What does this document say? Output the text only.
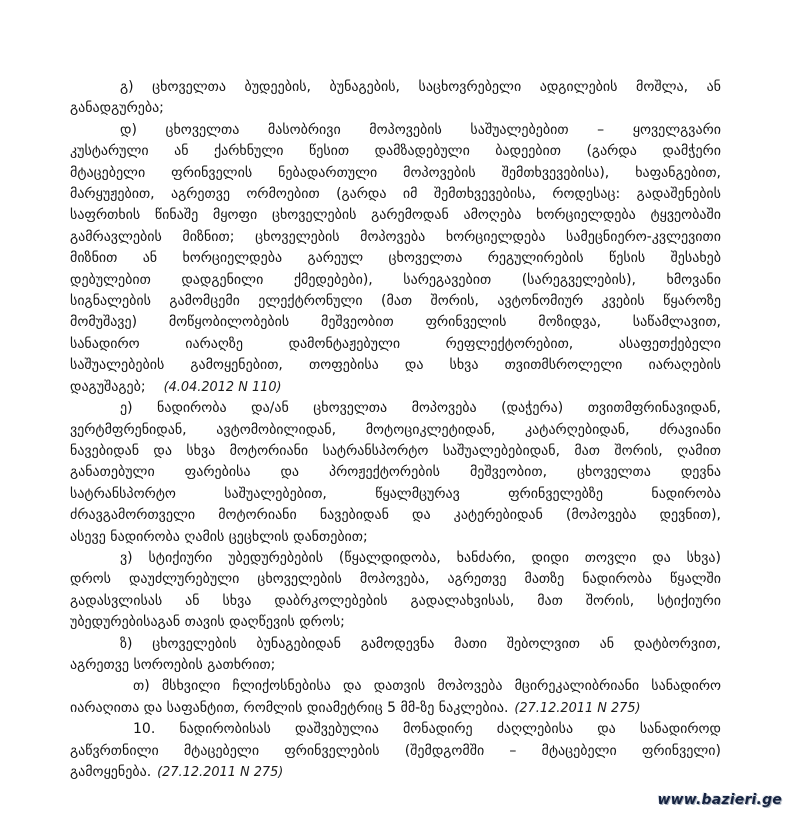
გ) ცხოველთა ბუდეების, ბუნაგების, საცხოვრებელი ადგილების მოშლა, ან
განადგურება;
დ) ცხოველთა მასობრივი მოპოვების საშუალებებით – ყოველგვარი
კუსტარული ან ქარხნული წესით დამზადებული ბადეებით (გარდა დამჭერი
მტაცებელი ფრინველის ნებადართული მოპოვების შემთხვევებისა), ხაფანგებით,
მარყუჟებით, აგრეთვე ორმოებით (გარდა იმ შემთხვევებისა, როდესაც: გადაშენების
საფრთხის წინაშე მყოფი ცხოველების გარემოდან ამოღება ხორციელდება ტყვეობაში
გამრავლების მიზნით; ცხოველების მოპოვება ხორციელდება სამეცნიერო-კვლევითი
მიზნით ან ხორციელდება გარეულ ცხოველთა რეგულირების წესის შესახებ
დებულებით დადგენილი ქმედებები), სარეგავებით (სარეგველების), ხმოვანი
სიგნალების გამომცემი ელექტრონული (მათ შორის, ავტონომიურ კვების წყაროზე
მომუშავე) მოწყობილობების მეშვეობით ფრინველის მოზიდვა, საწამლავით,
სანადირო იარაღზე დამონტაჟებული რეფლექტორებით, ასაფეთქებელი
საშუალებების გამოყენებით, თოფებისა და სხვა თვითმსროლელი იარაღების
დაგუშაგებ; (4.04.2012 N 110)
ე) ნადირობა და/ან ცხოველთა მოპოვება (დაჭერა) თვითმფრინავიდან,
ვერტმფრენიდან, ავტომობილიდან, მოტოციკლეტიდან, კატარღებიდან, ძრავიანი
ნავებიდან და სხვა მოტორიანი სატრანსპორტო საშუალებებიდან, მათ შორის, ღამით
განათებული ფარებისა და პროჟექტორების მეშვეობით, ცხოველთა დევნა
სატრანსპორტო საშუალებებით, წყალმცურავ ფრინველებზე ნადირობა
ძრავგამორთველი მოტორიანი ნავებიდან და კატერებიდან (მოპოვება დევნით),
ასევე ნადირობა ღამის ცეცხლის დანთებით;
ვ) სტიქიური უბედურებების (წყალდიდობა, ხანძარი, დიდი თოვლი და სხვა)
დროს დაუძლურებული ცხოველების მოპოვება, აგრეთვე მათზე ნადირობა წყალში
გადასვლისას ან სხვა დაბრკოლებების გადალახვისას, მათ შორის, სტიქიური
უბედურებისაგან თავის დაღწევის დროს;
ზ) ცხოველების ბუნაგებიდან გამოდევნა მათი შებოლვით ან დატბორვით,
აგრეთვე სოროების გათხრით;
თ) მსხვილი ჩლიქოსნებისა და დათვის მოპოვება მცირეკალიბრიანი სანადირო
იარაღითა და საფანტით, რომლის დიამეტრიც 5 მმ-ზე ნაკლებია. (27.12.2011 N 275)
10. ნადირობისას დაშვებულია მონადირე ძაღლებისა და სანადიროდ
გაწვრთნილი მტაცებელი ფრინველების (შემდგომში – მტაცებელი ფრინველი)
გამოყენება. (27.12.2011 N 275)
www.bazieri.ge
